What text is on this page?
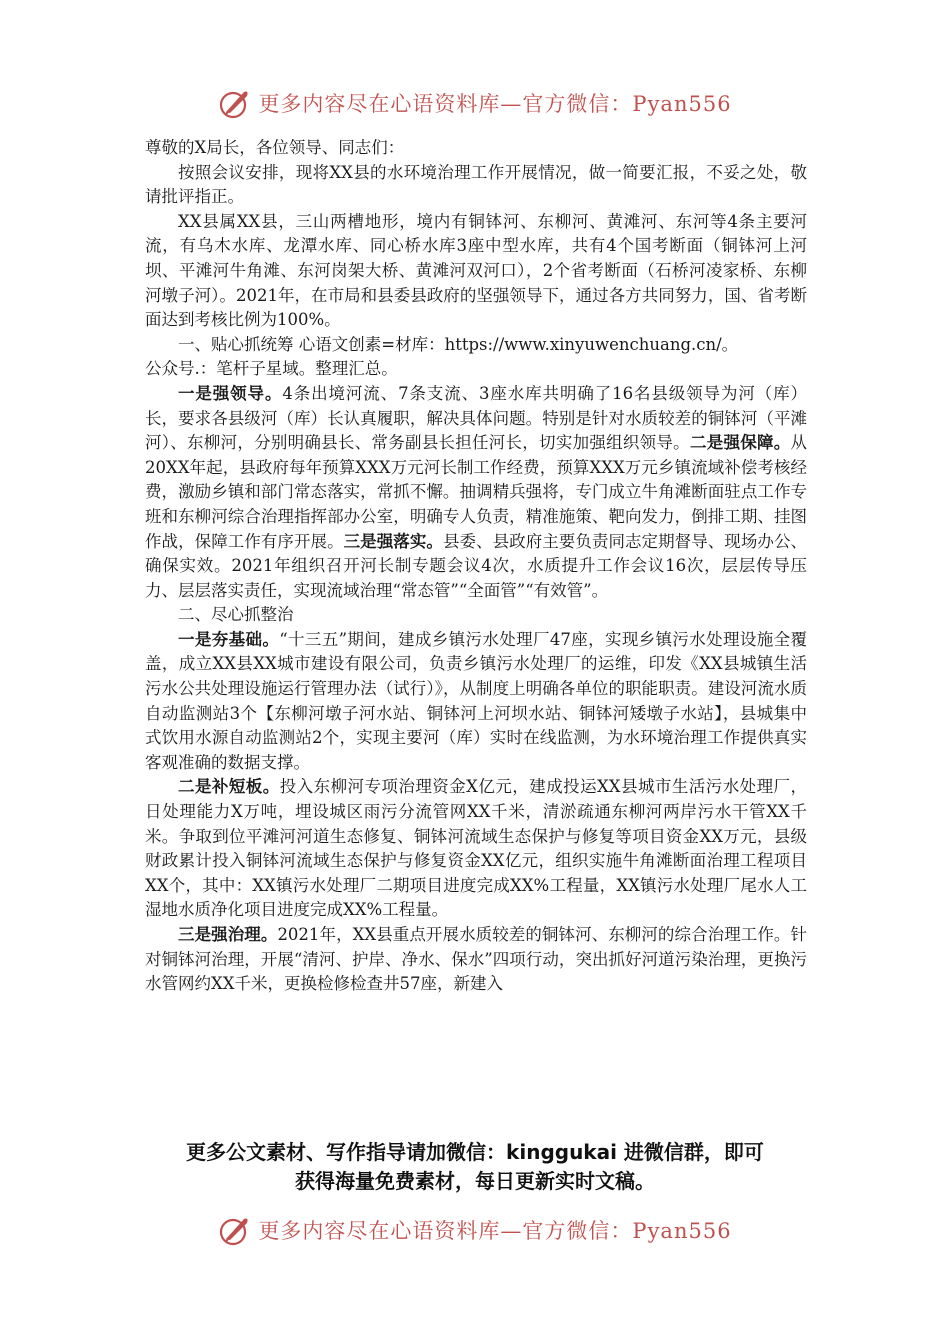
更多内容尽在心语资料库—官方微信：Pyan556

尊敬的X局长，各位领导、同志们：

按照会议安排，现将XX县的水环境治理工作开展情况，做一简要汇报，不妥之处，敬请批评指正。

XX县属XX县，三山两槽地形，境内有铜钵河、东柳河、黄滩河、东河等4条主要河流，有乌木水库、龙潭水库、同心桥水库3座中型水库，共有4个国考断面（铜钵河上河坝、平滩河牛角滩、东河岗架大桥、黄滩河双河口），2个省考断面（石桥河凌家桥、东柳河墩子河）。2021年，在市局和县委县政府的坚强领导下，通过各方共同努力，国、省考断面达到考核比例为100%。

一、贴心抓统筹 心语文创素=材库：https://www.xinyuwenchuang.cn/。

公众号.：笔杆子星域。整理汇总。

一是强领导。4条出境河流、7条支流、3座水库共明确了16名县级领导为河（库）长，要求各县级河（库）长认真履职，解决具体问题。特别是针对水质较差的铜钵河（平滩河）、东柳河，分别明确县长、常务副县长担任河长，切实加强组织领导。二是强保障。从20XX年起，县政府每年预算XXX万元河长制工作经费，预算XXX万元乡镇流域补偿考核经费，激励乡镇和部门常态落实，常抓不懈。抽调精兵强将，专门成立牛角滩断面驻点工作专班和东柳河综合治理指挥部办公室，明确专人负责，精准施策、靶向发力，倒排工期、挂图作战，保障工作有序开展。三是强落实。县委、县政府主要负责同志定期督导、现场办公、确保实效。2021年组织召开河长制专题会议4次，水质提升工作会议16次，层层传导压力、层层落实责任，实现流域治理“常态管”“全面管”“有效管”。

二、尽心抓整治

一是夯基础。“十三五”期间，建成乡镇污水处理厂47座，实现乡镇污水处理设施全覆盖，成立XX县XX城市建设有限公司，负责乡镇污水处理厂的运维，印发《XX县城镇生活污水公共处理设施运行管理办法（试行）》，从制度上明确各单位的职能职责。建设河流水质自动监测站3个【东柳河墩子河水站、铜钵河上河坝水站、铜钵河矮墩子水站】，县城集中式饮用水源自动监测站2个，实现主要河（库）实时在线监测，为水环境治理工作提供真实客观准确的数据支撑。

二是补短板。投入东柳河专项治理资金X亿元，建成投运XX县城市生活污水处理厂，日处理能力X万吨，埋设城区雨污分流管网XX千米，清淤疏通东柳河两岸污水干管XX千米。争取到位平滩河河道生态修复、铜钵河流域生态保护与修复等项目资金XX万元，县级财政累计投入铜钵河流域生态保护与修复资金XX亿元，组织实施牛角滩断面治理工程项目XX个，其中：XX镇污水处理厂二期项目进度完成XX%工程量，XX镇污水处理厂尾水人工湿地水质净化项目进度完成XX%工程量。

三是强治理。2021年，XX县重点开展水质较差的铜钵河、东柳河的综合治理工作。针对铜钵河治理，开展“清河、护岸、净水、保水”四项行动，突出抓好河道污染治理，更换污水管网约XX千米，更换检修检查井57座，新建入

更多公文素材、写作指导请加微信：kinggukai 进微信群，即可
获得海量免费素材，每日更新实时文稿。
更多内容尽在心语资料库—官方微信：Pyan556
